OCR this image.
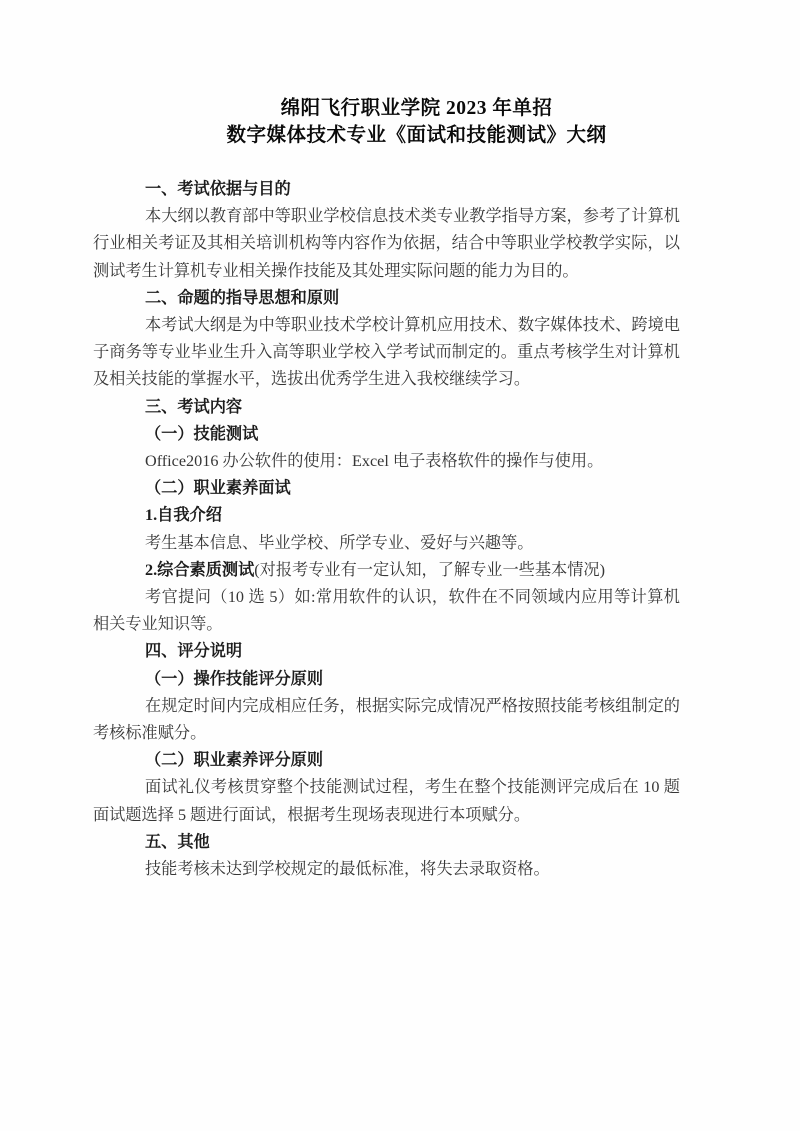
绵阳飞行职业学院 2023 年单招
数字媒体技术专业《面试和技能测试》大纲

一、考试依据与目的

本大纲以教育部中等职业学校信息技术类专业教学指导方案，参考了计算机行业相关考证及其相关培训机构等内容作为依据，结合中等职业学校教学实际，以测试考生计算机专业相关操作技能及其处理实际问题的能力为目的。

二、命题的指导思想和原则

本考试大纲是为中等职业技术学校计算机应用技术、数字媒体技术、跨境电子商务等专业毕业生升入高等职业学校入学考试而制定的。重点考核学生对计算机及相关技能的掌握水平，选拔出优秀学生进入我校继续学习。

三、考试内容

（一）技能测试

Office2016 办公软件的使用：Excel 电子表格软件的操作与使用。

（二）职业素养面试

1.自我介绍

考生基本信息、毕业学校、所学专业、爱好与兴趣等。

2.综合素质测试(对报考专业有一定认知，了解专业一些基本情况)

考官提问（10 选 5）如:常用软件的认识，软件在不同领域内应用等计算机相关专业知识等。

四、评分说明

（一）操作技能评分原则

在规定时间内完成相应任务，根据实际完成情况严格按照技能考核组制定的考核标准赋分。

（二）职业素养评分原则

面试礼仪考核贯穿整个技能测试过程，考生在整个技能测评完成后在 10 题面试题选择 5 题进行面试，根据考生现场表现进行本项赋分。

五、其他

技能考核未达到学校规定的最低标准，将失去录取资格。
